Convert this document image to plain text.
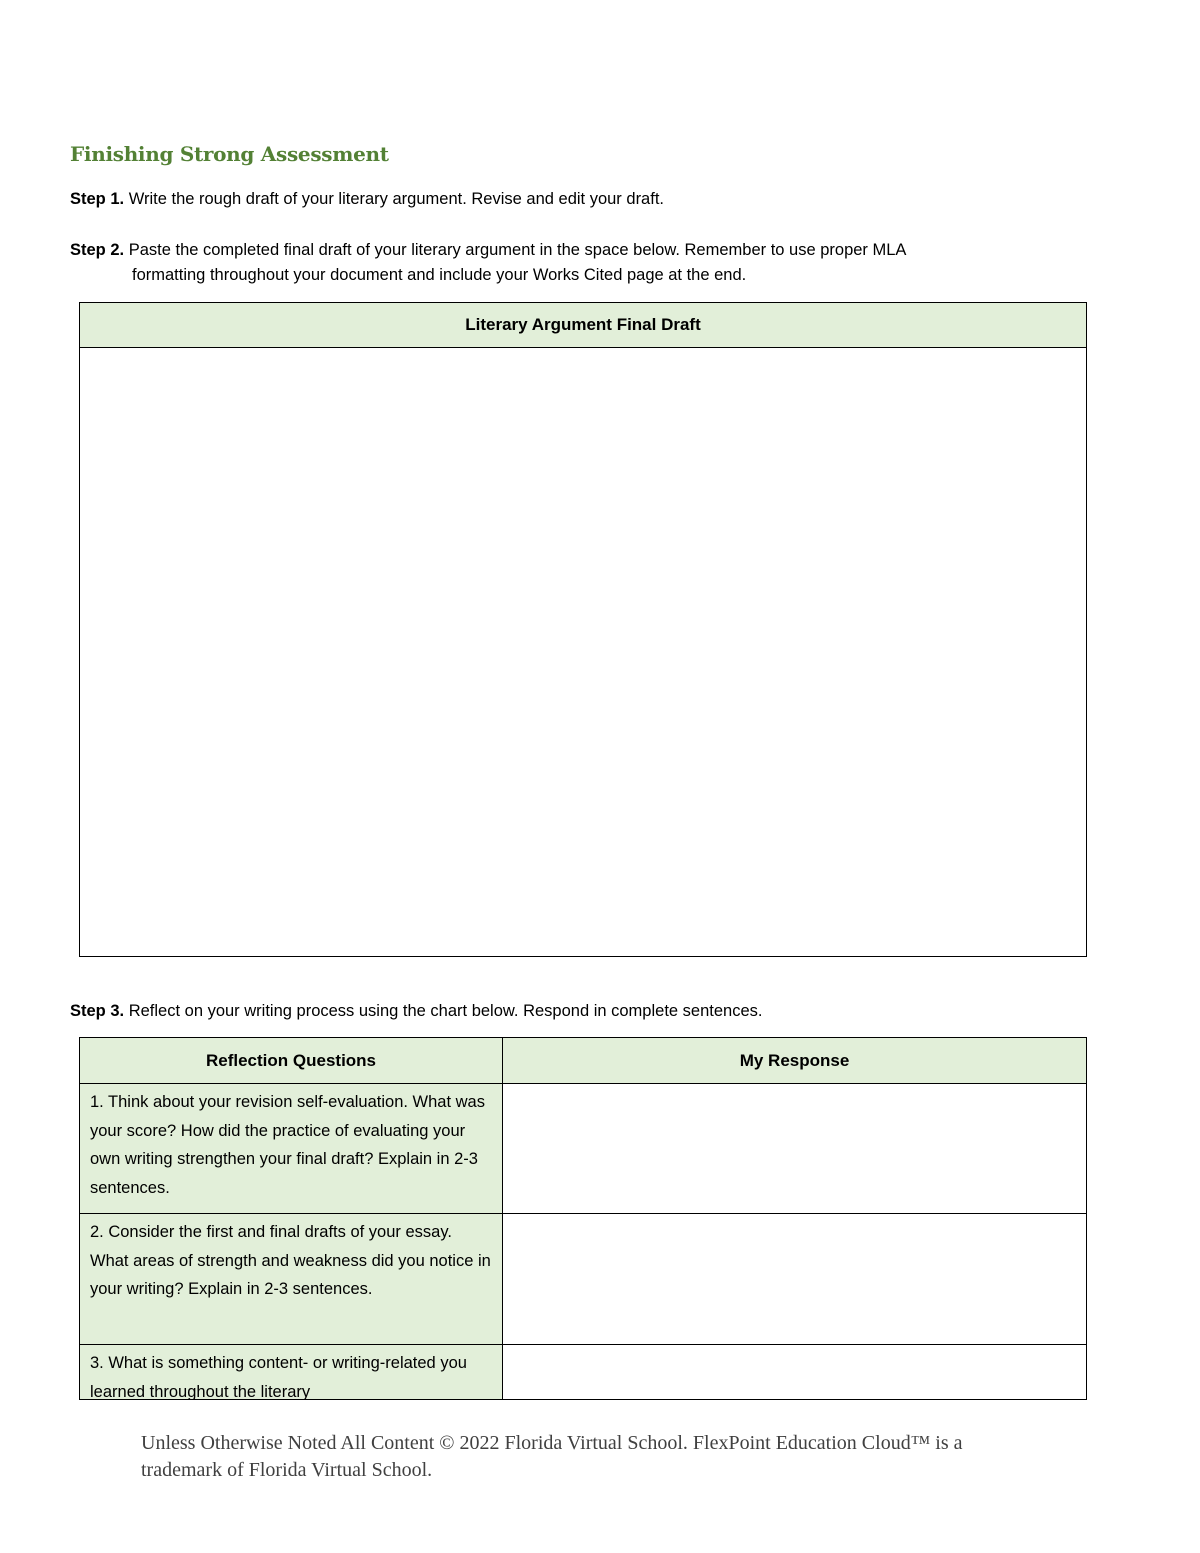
Finishing Strong Assessment
Step 1. Write the rough draft of your literary argument. Revise and edit your draft.
Step 2. Paste the completed final draft of your literary argument in the space below. Remember to use proper MLA
formatting throughout your document and include your Works Cited page at the end.
Literary Argument Final Draft
Step 3. Reflect on your writing process using the chart below. Respond in complete sentences.
Reflection Questions	My Response
1. Think about your revision self-evaluation. What was your score? How did the practice of evaluating your own writing strengthen your final draft? Explain in 2-3 sentences.
2. Consider the first and final drafts of your essay. What areas of strength and weakness did you notice in your writing? Explain in 2-3 sentences.
3. What is something content- or writing-related you learned throughout the literary
Unless Otherwise Noted All Content © 2022 Florida Virtual School. FlexPoint Education Cloud™ is a trademark of Florida Virtual School.
